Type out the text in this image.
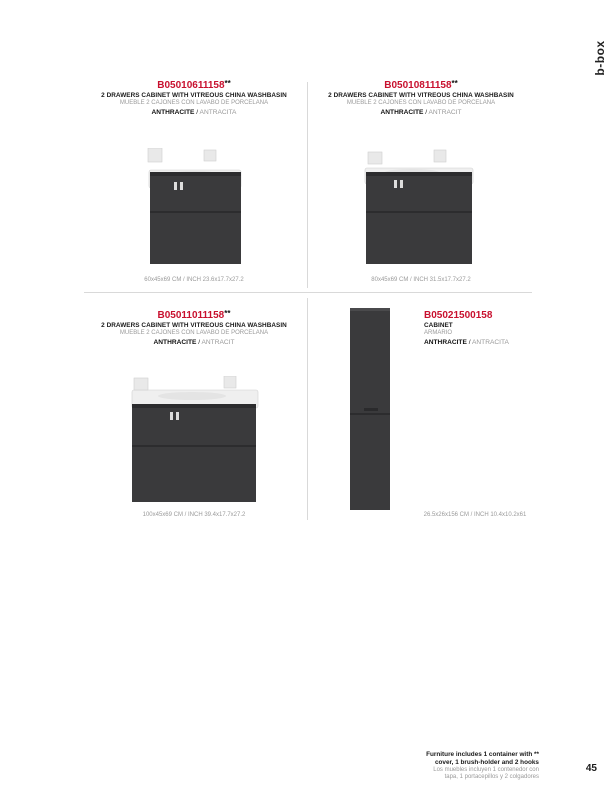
b-box
B05010611158**
2 DRAWERS CABINET WITH VITREOUS CHINA WASHBASIN
MUEBLE 2 CAJONES CON LAVABO DE PORCELANA
ANTHRACITE / ANTRACITA
60x45x69 CM / INCH 23.6x17.7x27.2
B05010811158**
2 DRAWERS CABINET WITH VITREOUS CHINA WASHBASIN
MUEBLE 2 CAJONES CON LAVABO DE PORCELANA
ANTHRACITE / ANTRACIT
80x45x69 CM / INCH 31.5x17.7x27.2
B05011011158**
2 DRAWERS CABINET WITH VITREOUS CHINA WASHBASIN
MUEBLE 2 CAJONES CON LAVABO DE PORCELANA
ANTHRACITE / ANTRACIT
100x45x69 CM / INCH 39.4x17.7x27.2
B05021500158
CABINET
ARMARIO
ANTHRACITE / ANTRACITA
26.5x26x156 CM / INCH 10.4x10.2x61
Furniture includes 1 container with **
cover, 1 brush-holder and 2 hooks
Los muebles incluyen 1 contenedor con
tapa, 1 portacepillos y 2 colgadores
45
